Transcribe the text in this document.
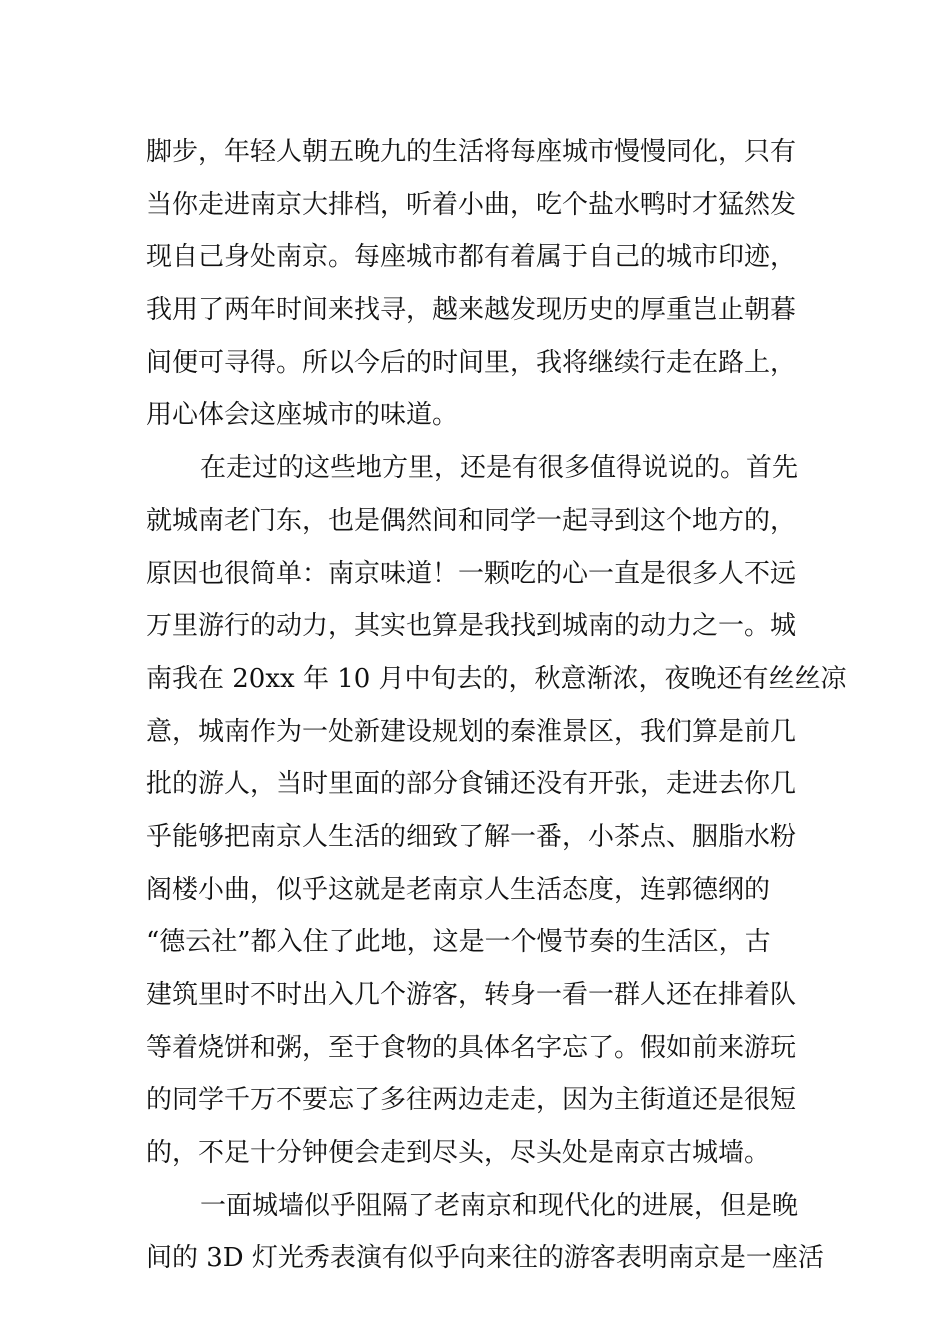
脚步，年轻人朝五晚九的生活将每座城市慢慢同化，只有
当你走进南京大排档，听着小曲，吃个盐水鸭时才猛然发
现自己身处南京。每座城市都有着属于自己的城市印迹，
我用了两年时间来找寻，越来越发现历史的厚重岂止朝暮
间便可寻得。所以今后的时间里，我将继续行走在路上，
用心体会这座城市的味道。
在走过的这些地方里，还是有很多值得说说的。首先
就城南老门东，也是偶然间和同学一起寻到这个地方的，
原因也很简单：南京味道！一颗吃的心一直是很多人不远
万里游行的动力，其实也算是我找到城南的动力之一。城
南我在 20xx 年 10 月中旬去的，秋意渐浓，夜晚还有丝丝凉
意，城南作为一处新建设规划的秦淮景区，我们算是前几
批的游人，当时里面的部分食铺还没有开张，走进去你几
乎能够把南京人生活的细致了解一番，小茶点、胭脂水粉
阁楼小曲，似乎这就是老南京人生活态度，连郭德纲的
“德云社”都入住了此地，这是一个慢节奏的生活区，古
建筑里时不时出入几个游客，转身一看一群人还在排着队
等着烧饼和粥，至于食物的具体名字忘了。假如前来游玩
的同学千万不要忘了多往两边走走，因为主街道还是很短
的，不足十分钟便会走到尽头，尽头处是南京古城墙。
一面城墙似乎阻隔了老南京和现代化的进展，但是晚
间的 3D 灯光秀表演有似乎向来往的游客表明南京是一座活
